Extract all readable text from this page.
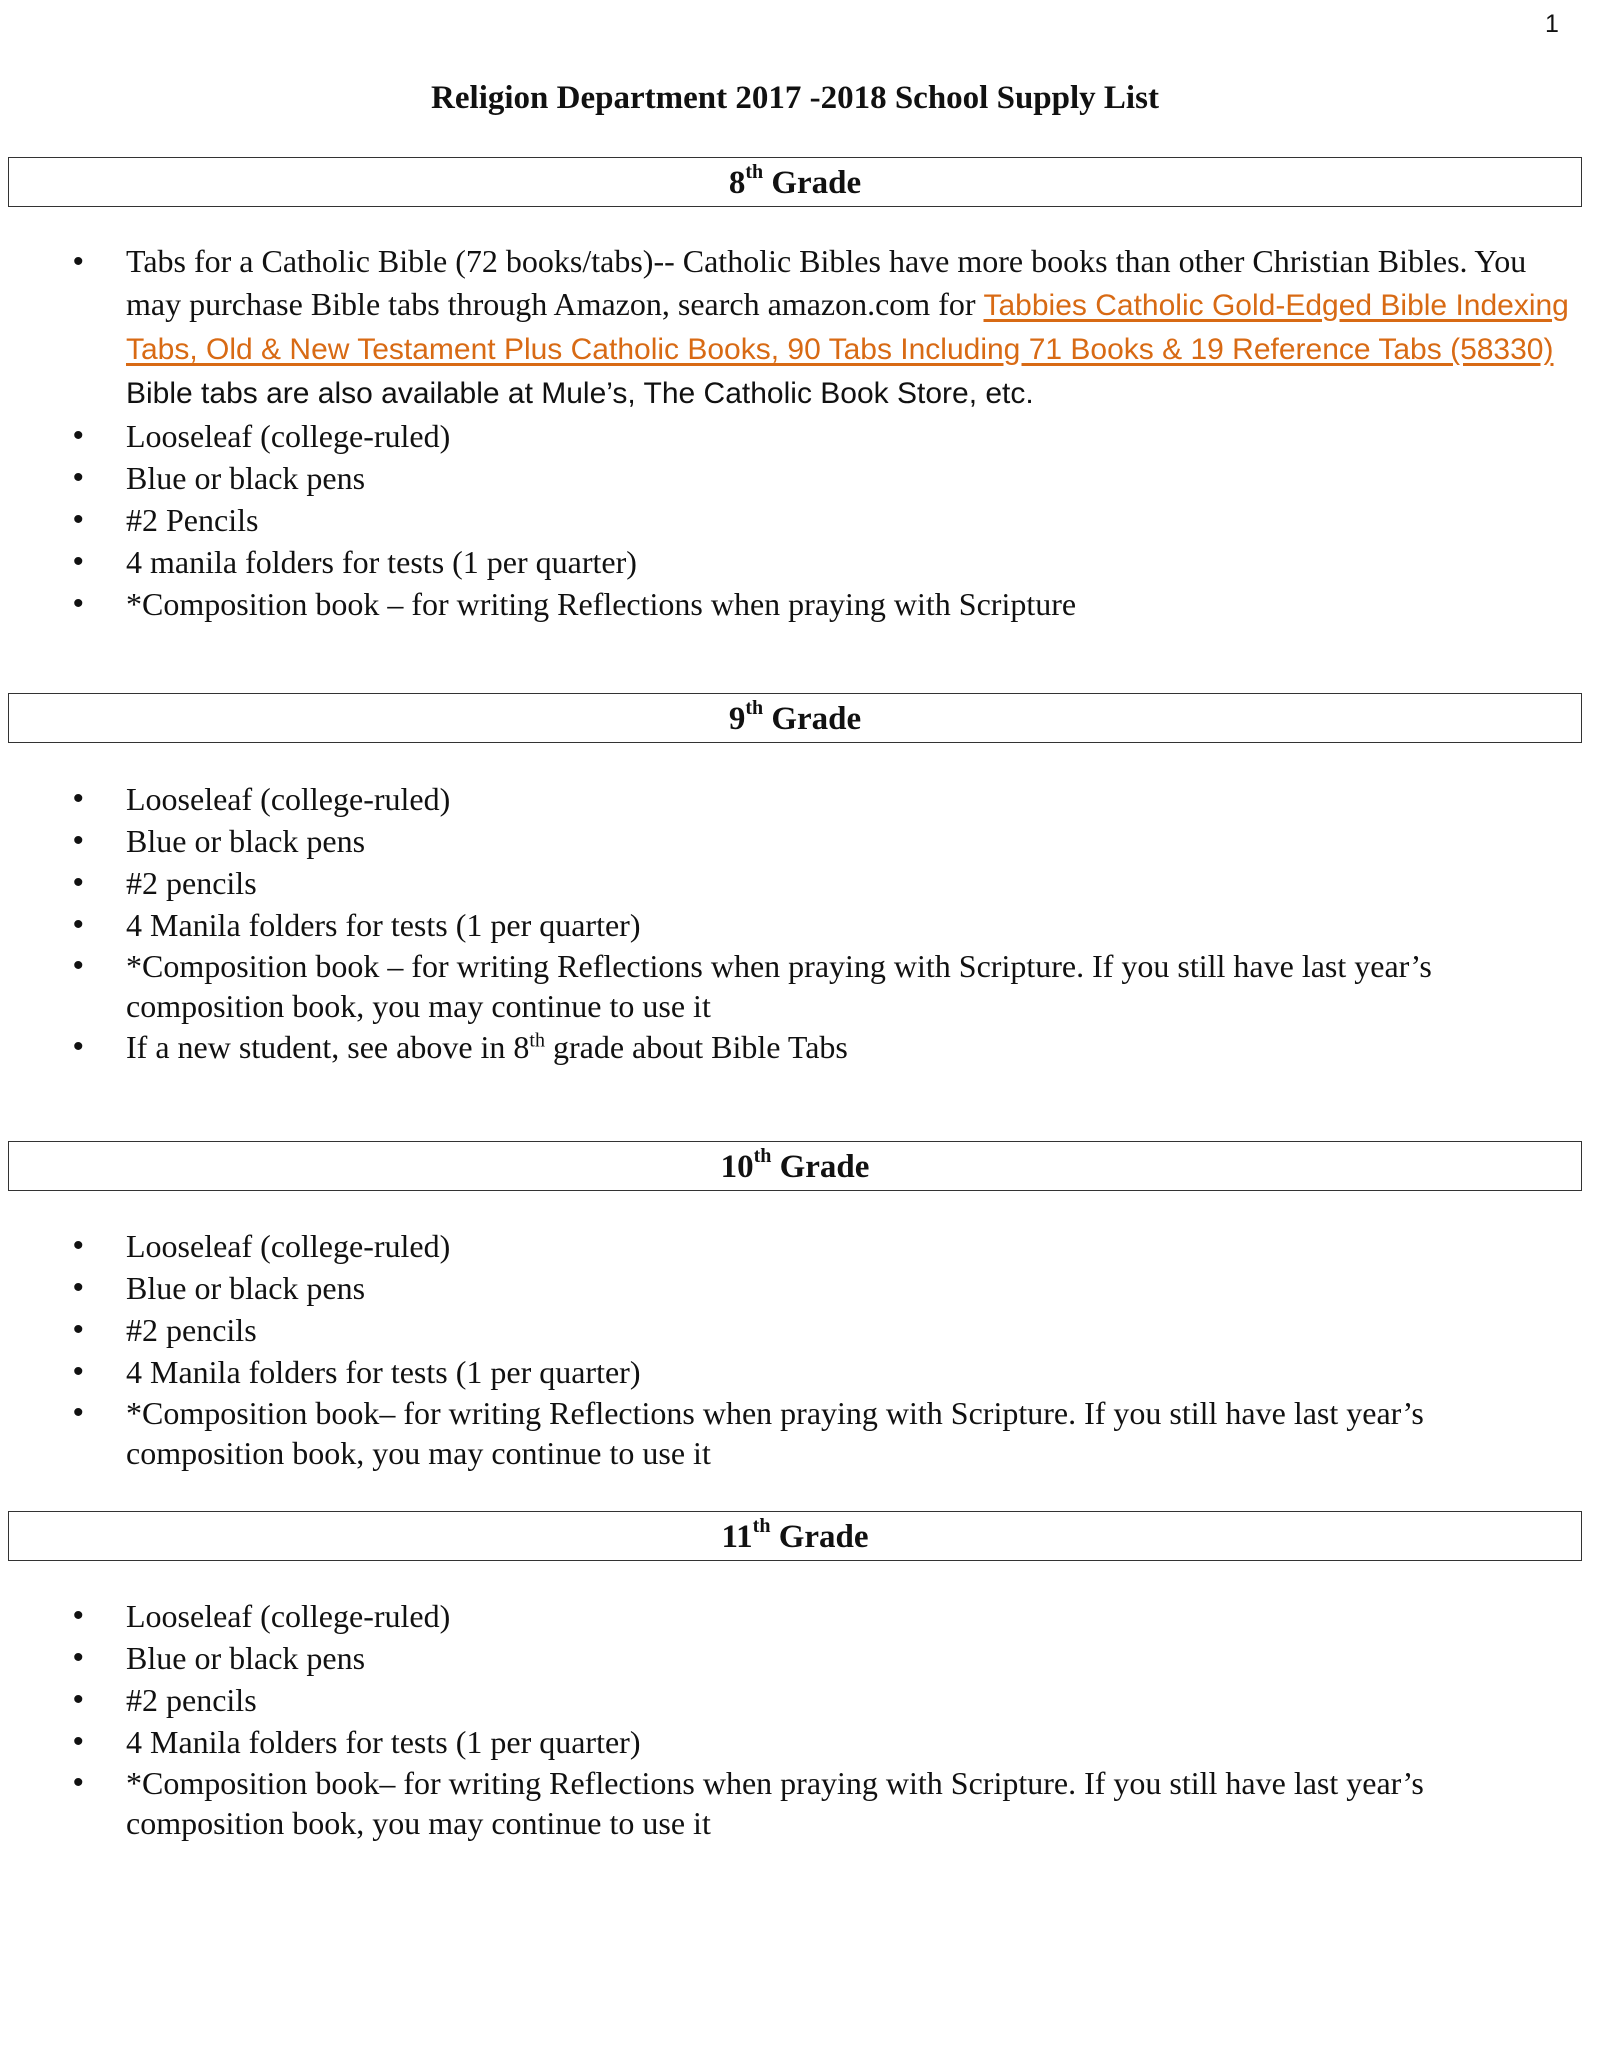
1
Religion Department 2017 -2018 School Supply List
8th Grade
• Tabs for a Catholic Bible (72 books/tabs)-- Catholic Bibles have more books than other Christian Bibles. You may purchase Bible tabs through Amazon, search amazon.com for Tabbies Catholic Gold-Edged Bible Indexing Tabs, Old & New Testament Plus Catholic Books, 90 Tabs Including 71 Books & 19 Reference Tabs (58330) Bible tabs are also available at Mule’s, The Catholic Book Store, etc.
• Looseleaf (college-ruled)
• Blue or black pens
• #2 Pencils
• 4 manila folders for tests (1 per quarter)
• *Composition book – for writing Reflections when praying with Scripture
9th Grade
• Looseleaf (college-ruled)
• Blue or black pens
• #2 pencils
• 4 Manila folders for tests (1 per quarter)
• *Composition book – for writing Reflections when praying with Scripture. If you still have last year’s composition book, you may continue to use it
• If a new student, see above in 8th grade about Bible Tabs
10th Grade
• Looseleaf (college-ruled)
• Blue or black pens
• #2 pencils
• 4 Manila folders for tests (1 per quarter)
• *Composition book– for writing Reflections when praying with Scripture. If you still have last year’s composition book, you may continue to use it
11th Grade
• Looseleaf (college-ruled)
• Blue or black pens
• #2 pencils
• 4 Manila folders for tests (1 per quarter)
• *Composition book– for writing Reflections when praying with Scripture. If you still have last year’s composition book, you may continue to use it
